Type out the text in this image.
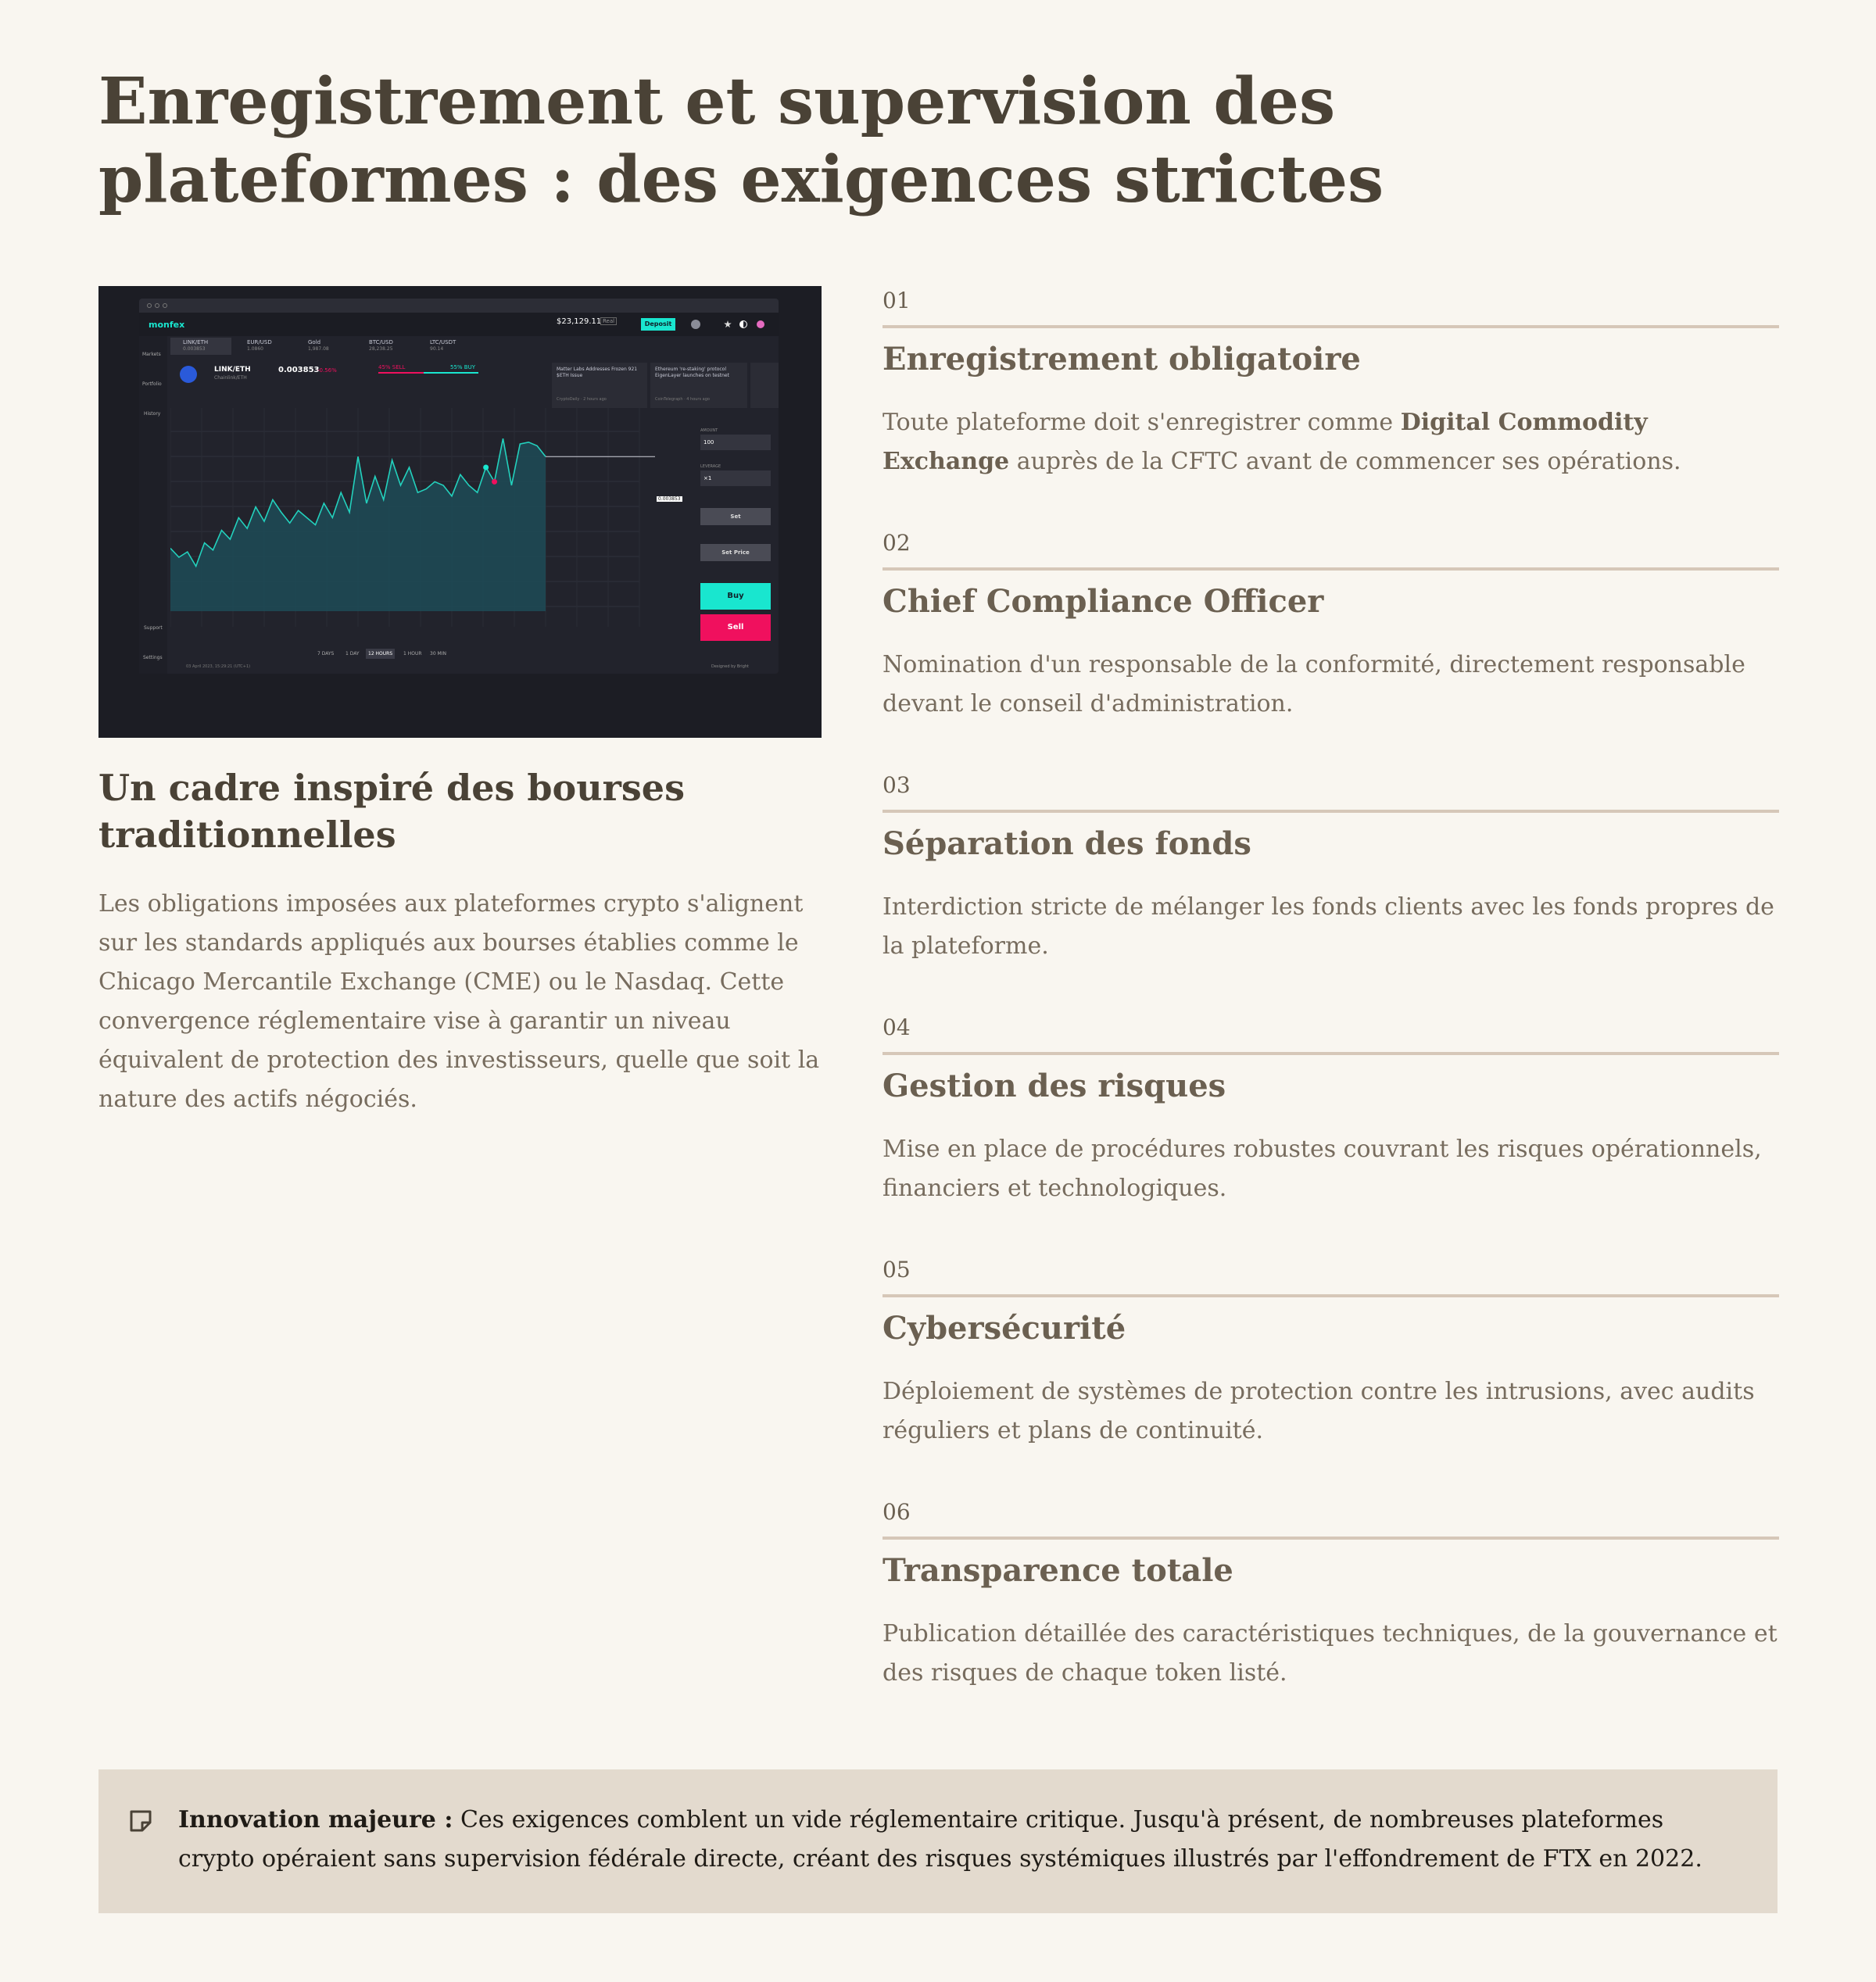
Enregistrement et supervision des plateformes : des exigences strictes
monfex	$23,129.11 Real	Deposit
Markets
Portfolio
History
Support
Settings
LINK/ETH
0.003853
EUR/USD
1.0860
Gold
1,987.08
BTC/USD
28,238.25
LTC/USDT
90.14
LINK/ETH
Chainlink/ETH
0.003853
-0.56%	45% SELL	55% BUY	Matter Labs Addresses Frozen 921 $ETH Issue
CryptoDaily · 2 hours ago
Ethereum 're-staking' protocol EigenLayer launches on testnet
CoinTelegraph · 4 hours ago
0.003853
AMOUNT
100
LEVERAGE
×1
Set
Set Price
Buy
Sell
7 DAYS 1 DAY	12 HOURS	1 HOUR 30 MIN
03 April 2023, 15:29:21 (UTC+1)	Designed by Bright
Un cadre inspiré des bourses traditionnelles

Les obligations imposées aux plateformes crypto s'alignent sur les standards appliqués aux bourses établies comme le Chicago Mercantile Exchange (CME) ou le Nasdaq. Cette convergence réglementaire vise à garantir un niveau équivalent de protection des investisseurs, quelle que soit la nature des actifs négociés.

01
Enregistrement obligatoire

Toute plateforme doit s'enregistrer comme Digital Commodity Exchange auprès de la CFTC avant de commencer ses opérations.

02
Chief Compliance Officer

Nomination d'un responsable de la conformité, directement responsable devant le conseil d'administration.

03
Séparation des fonds

Interdiction stricte de mélanger les fonds clients avec les fonds propres de la plateforme.

04
Gestion des risques

Mise en place de procédures robustes couvrant les risques opérationnels, financiers et technologiques.

05
Cybersécurité

Déploiement de systèmes de protection contre les intrusions, avec audits réguliers et plans de continuité.

06
Transparence totale

Publication détaillée des caractéristiques techniques, de la gouvernance et des risques de chaque token listé.

Innovation majeure : Ces exigences comblent un vide réglementaire critique. Jusqu'à présent, de nombreuses plateformes crypto opéraient sans supervision fédérale directe, créant des risques systémiques illustrés par l'effondrement de FTX en 2022.
